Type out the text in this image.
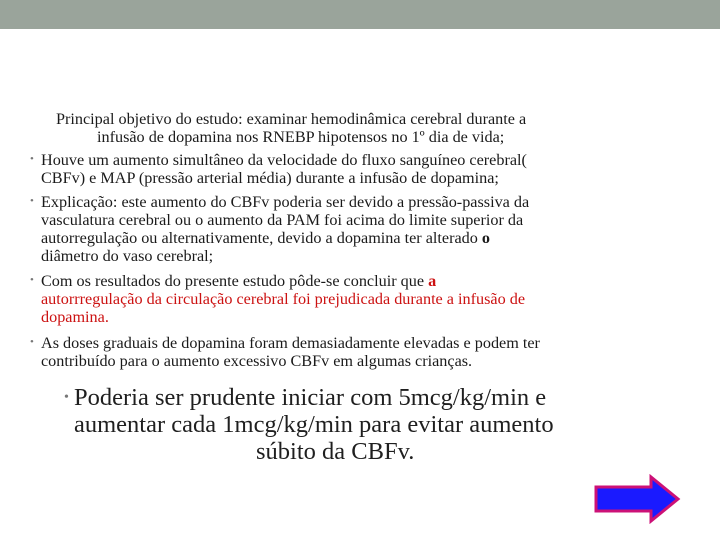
Principal objetivo do estudo: examinar hemodinâmica cerebral durante a
infusão de dopamina nos RNEBP hipotensos no 1º dia de vida;
• Houve um aumento simultâneo da velocidade do fluxo sanguíneo cerebral(
CBFv) e MAP (pressão arterial média) durante a infusão de dopamina;
• Explicação: este aumento do CBFv poderia ser devido a pressão-passiva da
vasculatura cerebral ou o aumento da PAM foi acima do limite superior da
autorregulação ou alternativamente, devido a dopamina ter alterado o
diâmetro do vaso cerebral;
• Com os resultados do presente estudo pôde-se concluir que a
autorrregulação da circulação cerebral foi prejudicada durante a infusão de
dopamina.
• As doses graduais de dopamina foram demasiadamente elevadas e podem ter
contribuído para o aumento excessivo CBFv em algumas crianças.
• Poderia ser prudente iniciar com 5mcg/kg/min e
aumentar cada 1mcg/kg/min para evitar aumento
súbito da CBFv.
